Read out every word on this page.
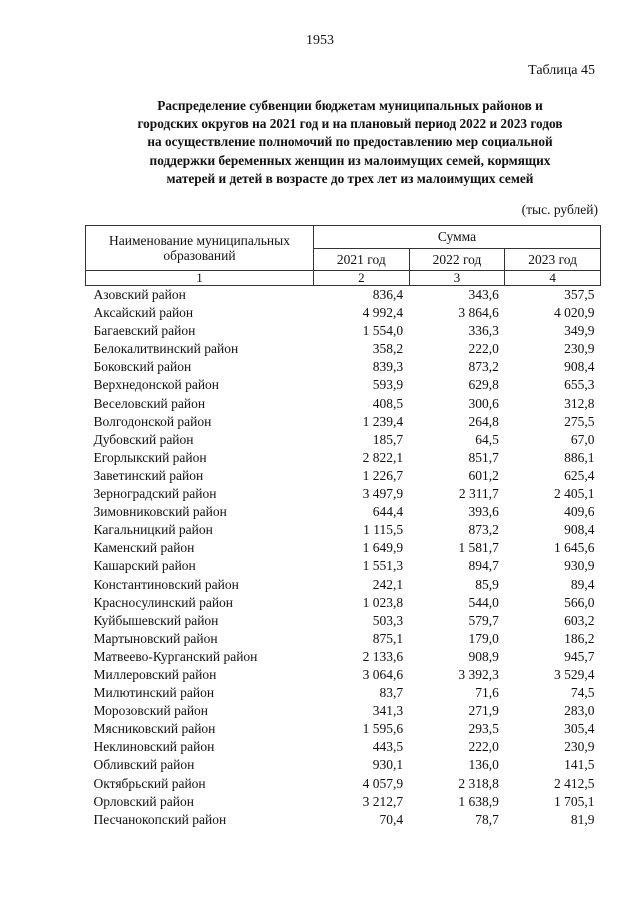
1953
Таблица 45
Распределение субвенции бюджетам муниципальных районов и
городских округов на 2021 год и на плановый период 2022 и 2023 годов
на осуществление полномочий по предоставлению мер социальной
поддержки беременных женщин из малоимущих семей, кормящих
матерей и детей в возрасте до трех лет из малоимущих семей
(тыс. рублей)
Наименование муниципальных
образований	Сумма		
	2021 год	2022 год	2023 год
1	2	3	4
Азовский район	836,4	343,6	357,5
Аксайский район	4 992,4	3 864,6	4 020,9
Багаевский район	1 554,0	336,3	349,9
Белокалитвинский район	358,2	222,0	230,9
Боковский район	839,3	873,2	908,4
Верхнедонской район	593,9	629,8	655,3
Веселовский район	408,5	300,6	312,8
Волгодонской район	1 239,4	264,8	275,5
Дубовский район	185,7	64,5	67,0
Егорлыкский район	2 822,1	851,7	886,1
Заветинский район	1 226,7	601,2	625,4
Зерноградский район	3 497,9	2 311,7	2 405,1
Зимовниковский район	644,4	393,6	409,6
Кагальницкий район	1 115,5	873,2	908,4
Каменский район	1 649,9	1 581,7	1 645,6
Кашарский район	1 551,3	894,7	930,9
Константиновский район	242,1	85,9	89,4
Красносулинский район	1 023,8	544,0	566,0
Куйбышевский район	503,3	579,7	603,2
Мартыновский район	875,1	179,0	186,2
Матвеево-Курганский район	2 133,6	908,9	945,7
Миллеровский район	3 064,6	3 392,3	3 529,4
Милютинский район	83,7	71,6	74,5
Морозовский район	341,3	271,9	283,0
Мясниковский район	1 595,6	293,5	305,4
Неклиновский район	443,5	222,0	230,9
Обливский район	930,1	136,0	141,5
Октябрьский район	4 057,9	2 318,8	2 412,5
Орловский район	3 212,7	1 638,9	1 705,1
Песчанокопский район	70,4	78,7	81,9
